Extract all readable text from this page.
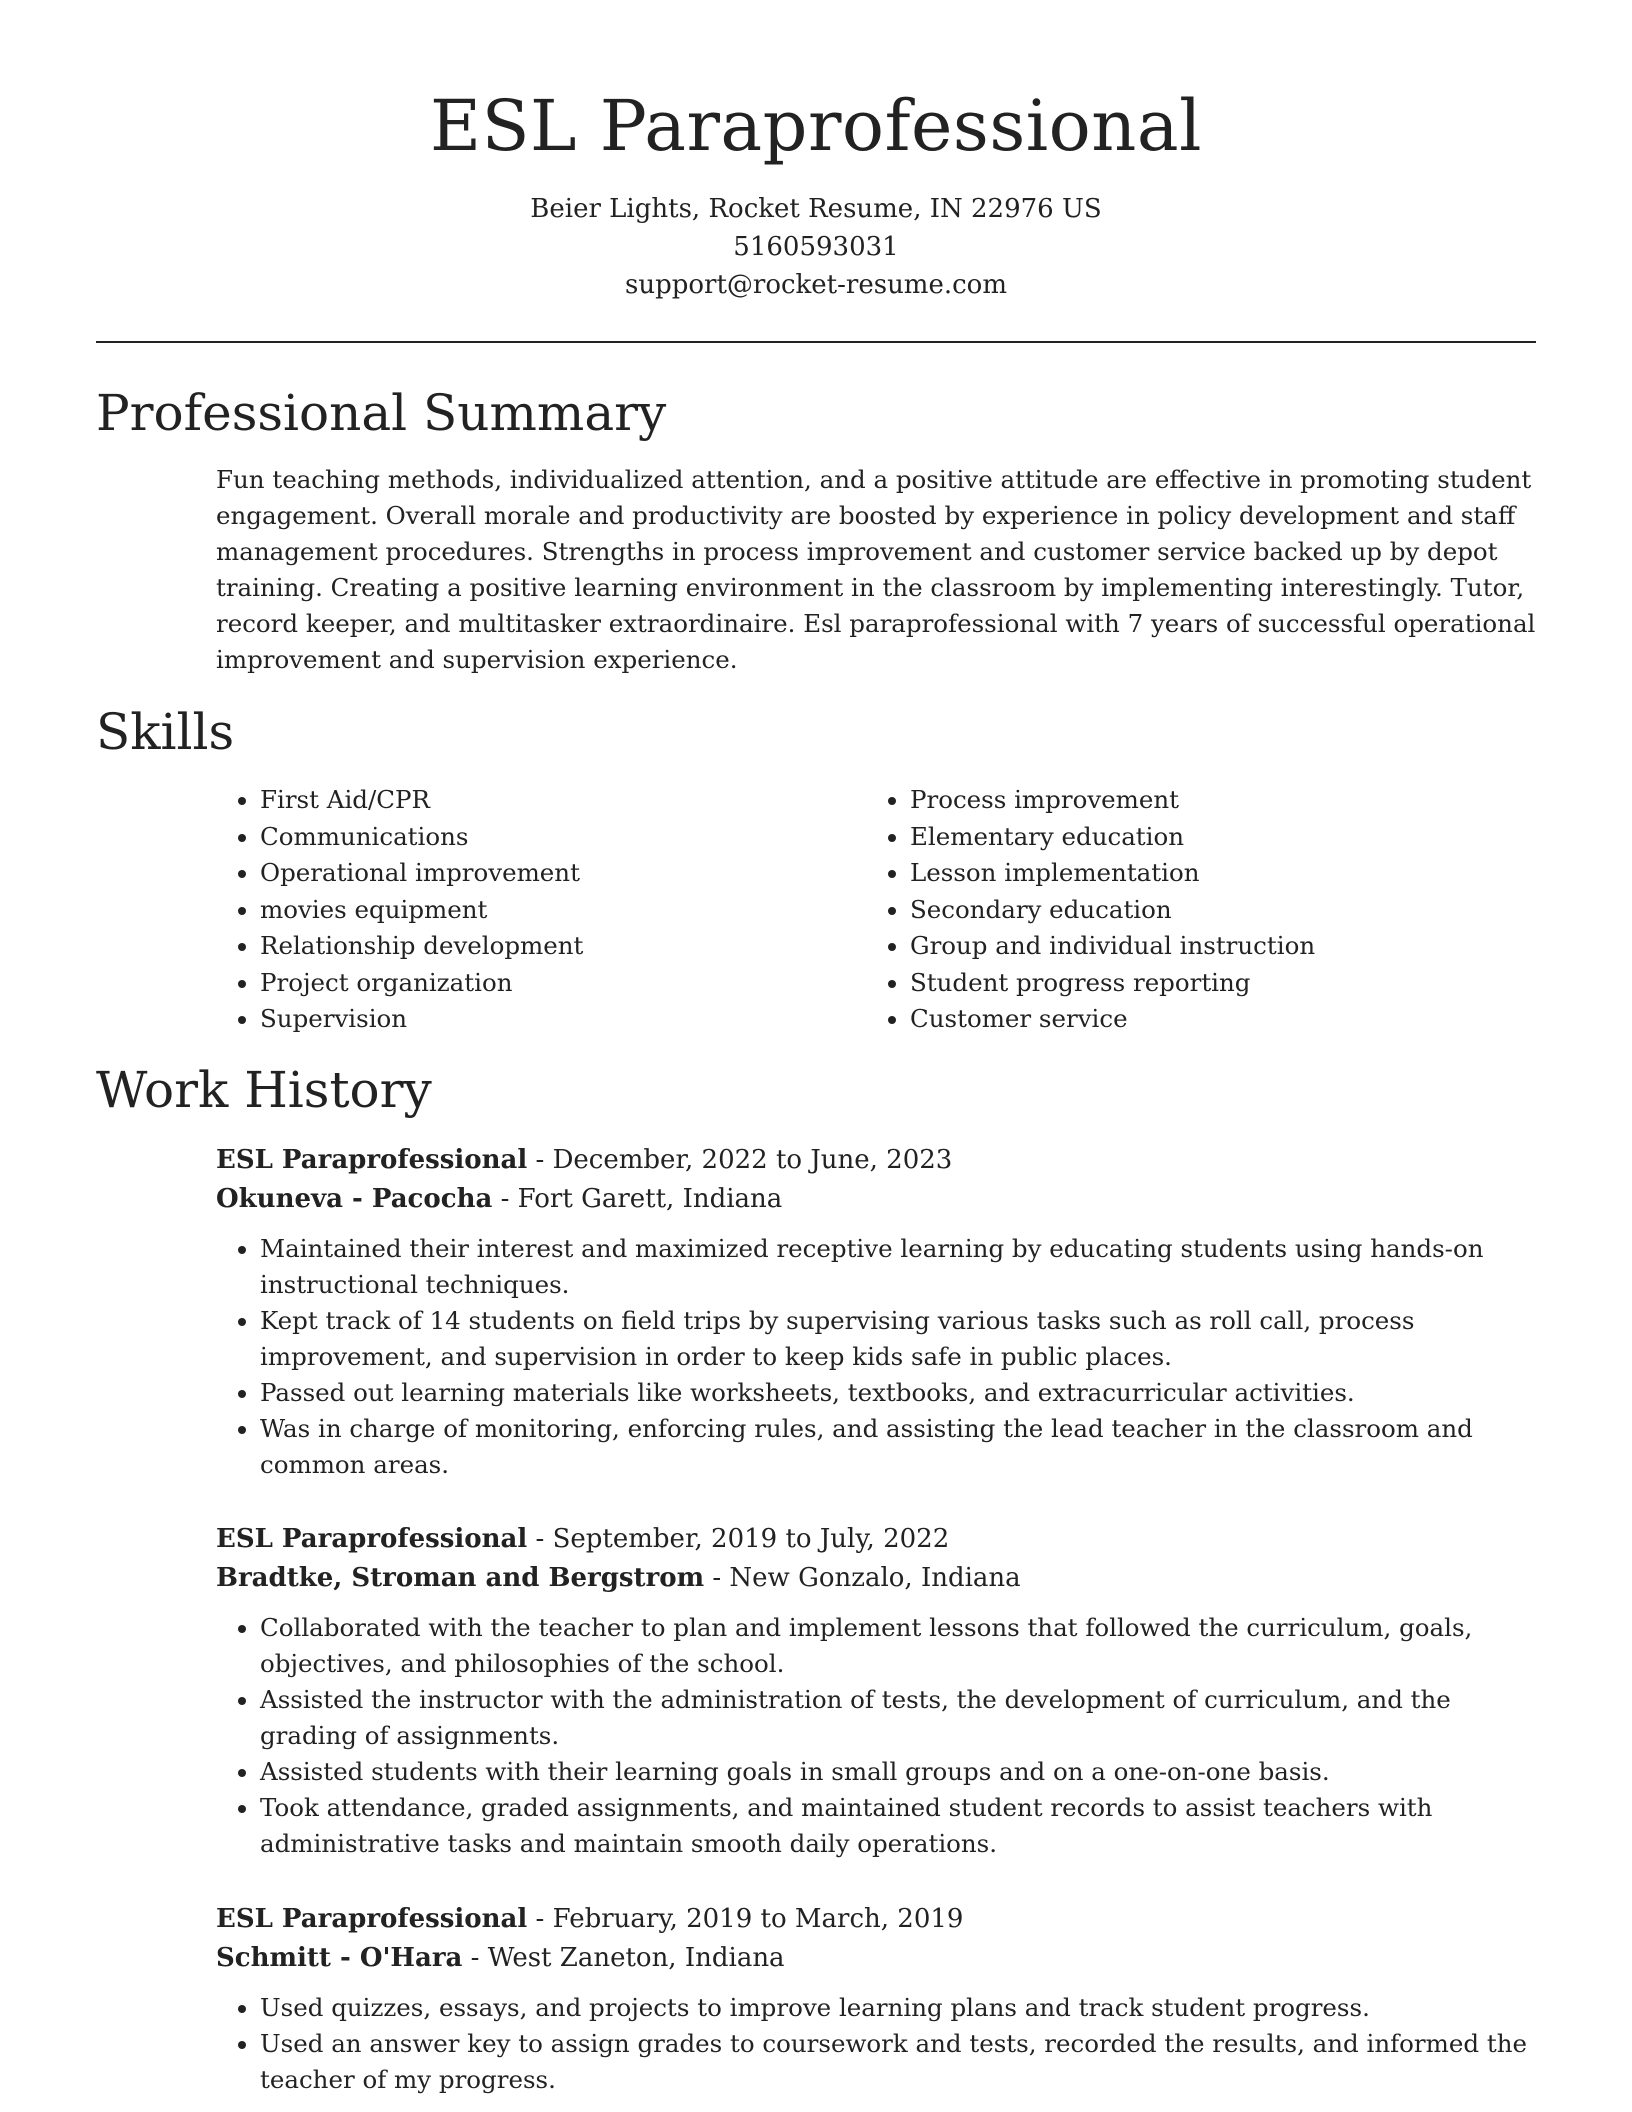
ESL Paraprofessional

Beier Lights, Rocket Resume, IN 22976 US

5160593031

support@rocket-resume.com

Professional Summary

Fun teaching methods, individualized attention, and a positive attitude are effective in promoting student engagement. Overall morale and productivity are boosted by experience in policy development and staff management procedures. Strengths in process improvement and customer service backed up by depot training. Creating a positive learning environment in the classroom by implementing interestingly. Tutor, record keeper, and multitasker extraordinaire. Esl paraprofessional with 7 years of successful operational improvement and supervision experience.

Skills
• First Aid/CPR
• Communications
• Operational improvement
• movies equipment
• Relationship development
• Project organization
• Supervision
• Process improvement
• Elementary education
• Lesson implementation
• Secondary education
• Group and individual instruction
• Student progress reporting
• Customer service
Work History

ESL Paraprofessional - December, 2022 to June, 2023

Okuneva - Pacocha - Fort Garett, Indiana

• Maintained their interest and maximized receptive learning by educating students using hands-on instructional techniques.
• Kept track of 14 students on field trips by supervising various tasks such as roll call, process improvement, and supervision in order to keep kids safe in public places.
• Passed out learning materials like worksheets, textbooks, and extracurricular activities.
• Was in charge of monitoring, enforcing rules, and assisting the lead teacher in the classroom and common areas.

ESL Paraprofessional - September, 2019 to July, 2022

Bradtke, Stroman and Bergstrom - New Gonzalo, Indiana

• Collaborated with the teacher to plan and implement lessons that followed the curriculum, goals, objectives, and philosophies of the school.
• Assisted the instructor with the administration of tests, the development of curriculum, and the grading of assignments.
• Assisted students with their learning goals in small groups and on a one-on-one basis.
• Took attendance, graded assignments, and maintained student records to assist teachers with administrative tasks and maintain smooth daily operations.

ESL Paraprofessional - February, 2019 to March, 2019

Schmitt - O'Hara - West Zaneton, Indiana

• Used quizzes, essays, and projects to improve learning plans and track student progress.
• Used an answer key to assign grades to coursework and tests, recorded the results, and informed the teacher of my progress.
